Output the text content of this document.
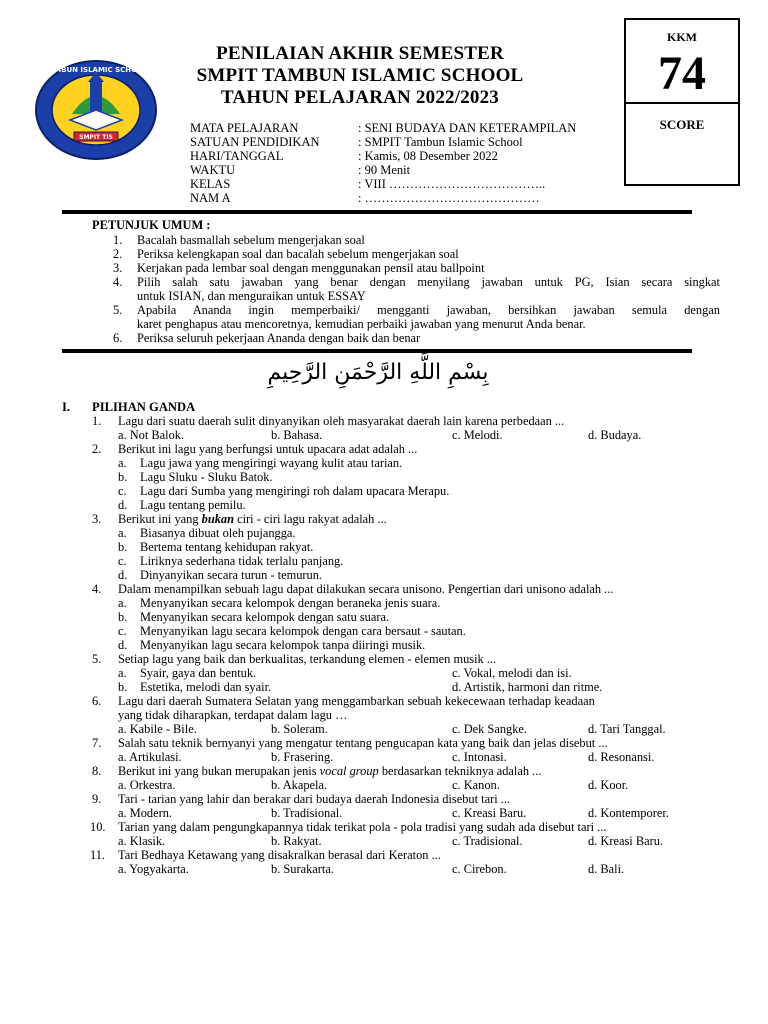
TAMBUN ISLAMIC SCHOOL
SMPIT TIS
PENILAIAN AKHIR SEMESTER
SMPIT TAMBUN ISLAMIC SCHOOL
TAHUN PELAJARAN 2022/2023
KKM
74
SCORE
MATA PELAJARAN	: SENI BUDAYA DAN KETERAMPILAN
SATUAN PENDIDIKAN	: SMPIT Tambun Islamic School
HARI/TANGGAL	: Kamis, 08 Desember 2022
WAKTU	: 90 Menit
KELAS	: VIII ………………………………..
NAM A	: ……………………………………
PETUNJUK UMUM :
1. Bacalah basmallah sebelum mengerjakan soal
2. Periksa kelengkapan soal dan bacalah sebelum mengerjakan soal
3. Kerjakan pada lembar soal dengan menggunakan pensil atau ballpoint
4. Pilih salah satu jawaban yang benar dengan menyilang jawaban untuk PG, Isian secara singkat
untuk ISIAN, dan menguraikan untuk ESSAY
5. Apabila Ananda ingin memperbaiki/ mengganti jawaban, bersihkan jawaban semula dengan
karet penghapus atau mencoretnya, kemudian perbaiki jawaban yang menurut Anda benar.
6. Periksa seluruh pekerjaan Ananda dengan baik dan benar
بِسْمِ اللَّهِ الرَّحْمَنِ الرَّحِيمِ
I. PILIHAN GANDA
1. Lagu dari suatu daerah sulit dinyanyikan oleh masyarakat daerah lain karena perbedaan ...
a. Not Balok.	b. Bahasa.	c. Melodi.	d. Budaya.
2. Berikut ini lagu yang berfungsi untuk upacara adat adalah ...
a. Lagu jawa yang mengiringi wayang kulit atau tarian.
b. Lagu Sluku - Sluku Batok.
c. Lagu dari Sumba yang mengiringi roh dalam upacara Merapu.
d. Lagu tentang pemilu.
3. Berikut ini yang bukan ciri - ciri lagu rakyat adalah ...
a. Biasanya dibuat oleh pujangga.
b. Bertema tentang kehidupan rakyat.
c. Liriknya sederhana tidak terlalu panjang.
d. Dinyanyikan secara turun - temurun.
4. Dalam menampilkan sebuah lagu dapat dilakukan secara unisono. Pengertian dari unisono adalah ...
a. Menyanyikan secara kelompok dengan beraneka jenis suara.
b. Menyanyikan secara kelompok dengan satu suara.
c. Menyanyikan lagu secara kelompok dengan cara bersaut - sautan.
d. Menyanyikan lagu secara kelompok tanpa diiringi musik.
5. Setiap lagu yang baik dan berkualitas, terkandung elemen - elemen musik ...
a. Syair, gaya dan bentuk.	c. Vokal, melodi dan isi.
b. Estetika, melodi dan syair.	d. Artistik, harmoni dan ritme.
6. Lagu dari daerah Sumatera Selatan yang menggambarkan sebuah kekecewaan terhadap keadaan
yang tidak diharapkan, terdapat dalam lagu …
a. Kabile - Bile.	b. Soleram.	c. Dek Sangke.	d. Tari Tanggal.
7. Salah satu teknik bernyanyi yang mengatur tentang pengucapan kata yang baik dan jelas disebut ...
a. Artikulasi.	b. Frasering.	c. Intonasi.	d. Resonansi.
8. Berikut ini yang bukan merupakan jenis vocal group berdasarkan tekniknya adalah ...
a. Orkestra.	b. Akapela.	c. Kanon.	d. Koor.
9. Tari - tarian yang lahir dan berakar dari budaya daerah Indonesia disebut tari ...
a. Modern.	b. Tradisional.	c. Kreasi Baru.	d. Kontemporer.
10. Tarian yang dalam pengungkapannya tidak terikat pola - pola tradisi yang sudah ada disebut tari ...
a. Klasik.	b. Rakyat.	c. Tradisional.	d. Kreasi Baru.
11. Tari Bedhaya Ketawang yang disakralkan berasal dari Keraton ...
a. Yogyakarta.	b. Surakarta.	c. Cirebon.	d. Bali.
